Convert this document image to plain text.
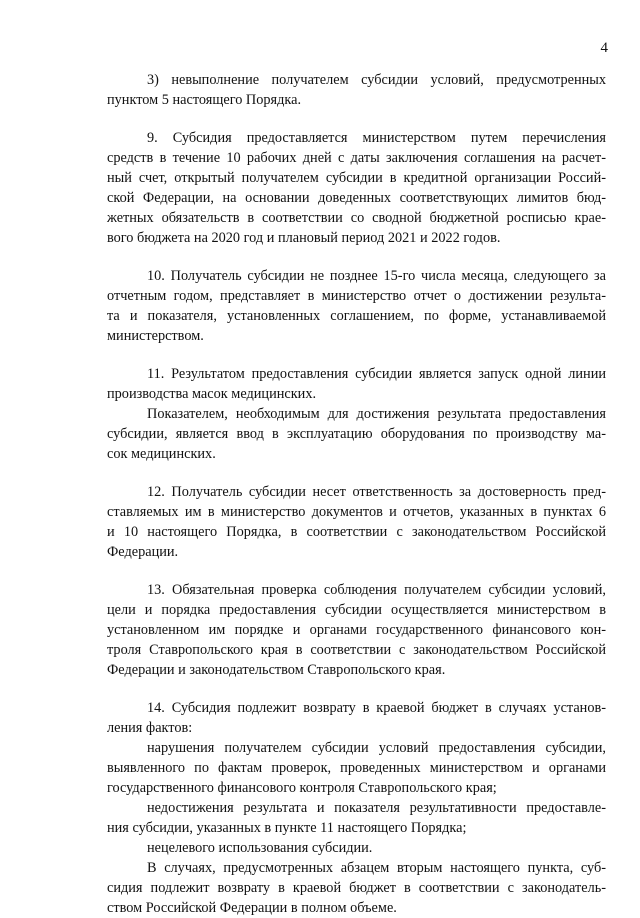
4
3) невыполнение получателем субсидии условий, предусмотренных
пунктом 5 настоящего Порядка.
9. Субсидия предоставляется министерством путем перечисления
средств в течение 10 рабочих дней с даты заключения соглашения на расчет-
ный счет, открытый получателем субсидии в кредитной организации Россий-
ской Федерации, на основании доведенных соответствующих лимитов бюд-
жетных обязательств в соответствии со сводной бюджетной росписью крае-
вого бюджета на 2020 год и плановый период 2021 и 2022 годов.
10. Получатель субсидии не позднее 15-го числа месяца, следующего за
отчетным годом, представляет в министерство отчет о достижении результа-
та и показателя, установленных соглашением, по форме, устанавливаемой
министерством.
11. Результатом предоставления субсидии является запуск одной линии
производства масок медицинских.
Показателем, необходимым для достижения результата предоставления
субсидии, является ввод в эксплуатацию оборудования по производству ма-
сок медицинских.
12. Получатель субсидии несет ответственность за достоверность пред-
ставляемых им в министерство документов и отчетов, указанных в пунктах 6
и 10 настоящего Порядка, в соответствии с законодательством Российской
Федерации.
13. Обязательная проверка соблюдения получателем субсидии условий,
цели и порядка предоставления субсидии осуществляется министерством в
установленном им порядке и органами государственного финансового кон-
троля Ставропольского края в соответствии с законодательством Российской
Федерации и законодательством Ставропольского края.
14. Субсидия подлежит возврату в краевой бюджет в случаях установ-
ления фактов:
нарушения получателем субсидии условий предоставления субсидии,
выявленного по фактам проверок, проведенных министерством и органами
государственного финансового контроля Ставропольского края;
недостижения результата и показателя результативности предоставле-
ния субсидии, указанных в пункте 11 настоящего Порядка;
нецелевого использования субсидии.
В случаях, предусмотренных абзацем вторым настоящего пункта, суб-
сидия подлежит возврату в краевой бюджет в соответствии с законодатель-
ством Российской Федерации в полном объеме.
